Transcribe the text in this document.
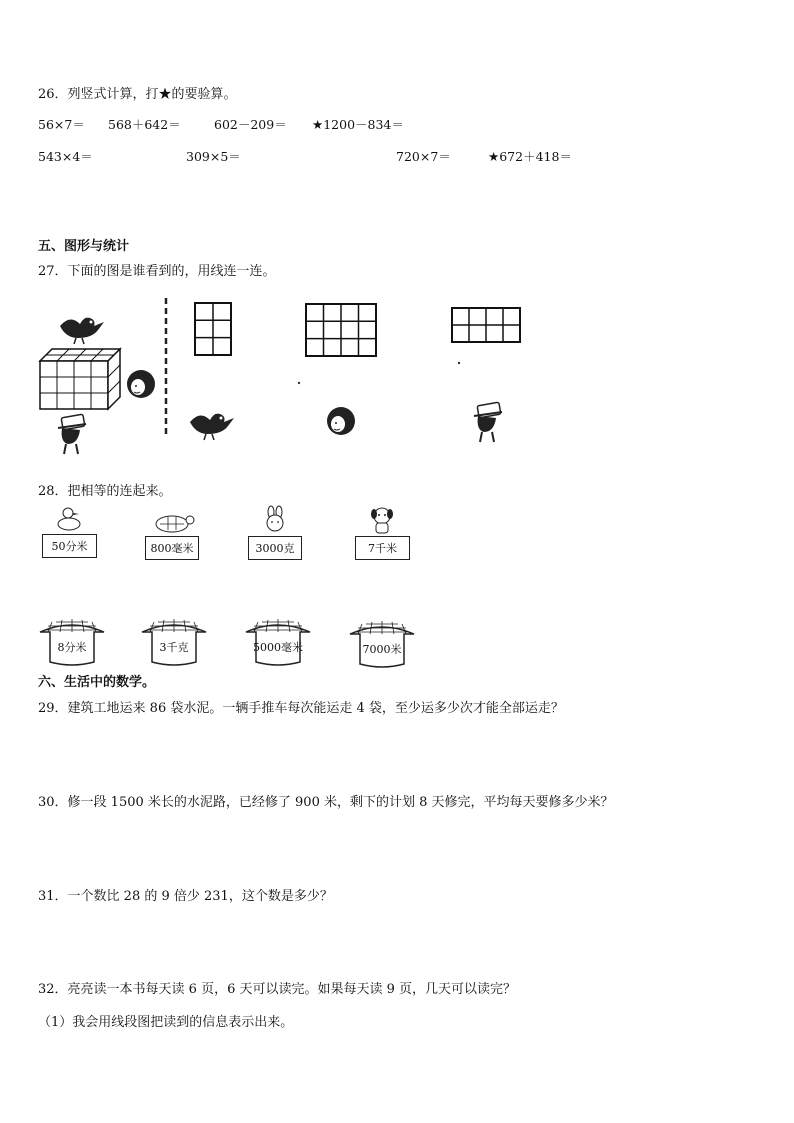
26．列竖式计算，打★的要验算。
56×7＝ 568＋642＝	602－209＝ ★1200－834＝
543×4＝	309×5＝	720×7＝	★672＋418＝
五、图形与统计
27．下面的图是谁看到的，用线连一连。
28．把相等的连起来。
50分米	800毫米	3000克	7千米
8分米	3千克	5000毫米	7000米
六、生活中的数学。
29．建筑工地运来 86 袋水泥。一辆手推车每次能运走 4 袋，至少运多少次才能全部运走？
30．修一段 1500 米长的水泥路，已经修了 900 米，剩下的计划 8 天修完，平均每天要修多少米？
31．一个数比 28 的 9 倍少 231，这个数是多少？
32．亮亮读一本书每天读 6 页，6 天可以读完。如果每天读 9 页，几天可以读完？
（1）我会用线段图把读到的信息表示出来。
